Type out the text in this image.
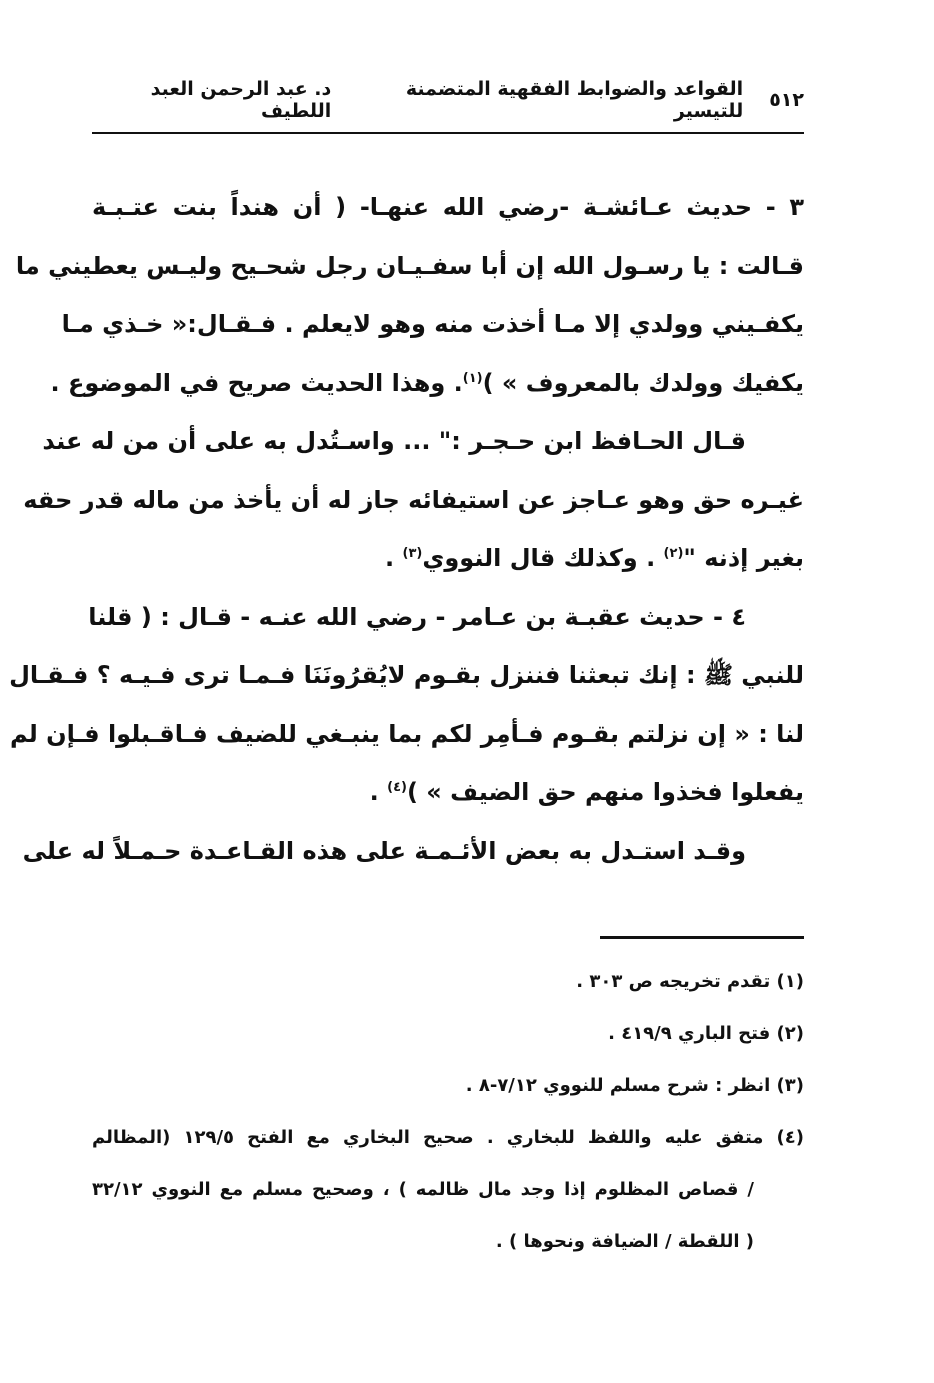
٥١٢
القواعد والضوابط الفقهية المتضمنة للتيسير
د. عبد الرحمن العبد اللطيف
٣ - حديث عـائشـة -رضي الله عنهـا- ( أن هنداً بنت عتـبـة
قـالت : يا رسـول الله إن أبا سفـيـان رجل شحـيح وليـس يعطيني ما
يكفـيني وولدي إلا مـا أخذت منه وهو لايعلم . فـقـال:« خـذي مـا
يكفيك وولدك بالمعروف » )$^{(١)}$. وهذا الحديث صريح في الموضوع .
قـال الحـافظ ابن حـجـر :" ... واسـتُدل به على أن من له عند
غيـره حق وهو عـاجز عن استيفائه جاز له أن يأخذ من ماله قدر حقه
بغير إذنه "$^{(٢)}$ . وكذلك قال النووي$^{(٣)}$ .
٤ - حديث عقبـة بن عـامر - رضي الله عنـه - قـال : ( قلنا
للنبي ﷺ : إنك تبعثنا فننزل بقـوم لايُقرُونَنَا فـمـا ترى فـيـه ؟ فـقـال
لنا : « إن نزلتم بقـوم فـأمِر لكم بما ينبـغي للضيف فـاقـبلوا فـإن لم
يفعلوا فخذوا منهم حق الضيف » )$^{(٤)}$ .
وقـد استـدل به بعض الأئـمـة على هذه القـاعـدة حـمـلاً له على
(١) تقدم تخريجه ص ٣٠٣ .
(٢) فتح الباري ٤١٩/٩ .
(٣) انظر : شرح مسلم للنووي ٧/١٢-٨ .
(٤) متفق عليه واللفظ للبخاري . صحيح البخاري مع الفتح ١٢٩/٥ (المظالم
/ قصاص المظلوم إذا وجد مال ظالمه ) ، وصحيح مسلم مع النووي ٣٢/١٢
( اللقطة / الضيافة ونحوها ) .
